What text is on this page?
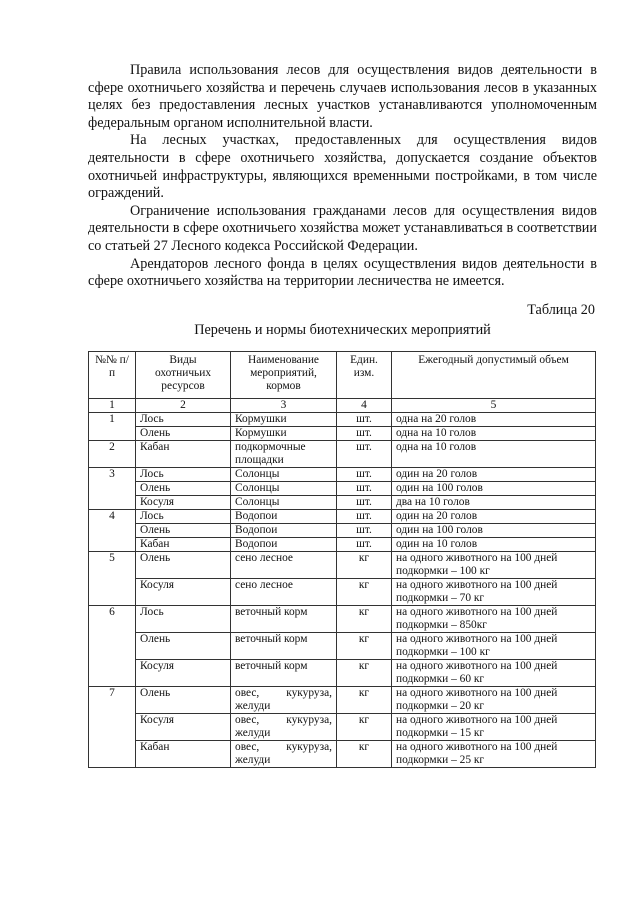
Правила использования лесов для осуществления видов деятельности в сфере охотничьего хозяйства и перечень случаев использования лесов в указанных целях без предоставления лесных участков устанавливаются уполномоченным федеральным органом исполнительной власти.

На лесных участках, предоставленных для осуществления видов деятельности в сфере охотничьего хозяйства, допускается создание объектов охотничьей инфраструктуры, являющихся временными постройками, в том числе ограждений.

Ограничение использования гражданами лесов для осуществления видов деятельности в сфере охотничьего хозяйства может устанавливаться в соответствии со статьей 27 Лесного кодекса Российской Федерации.

Арендаторов лесного фонда в целях осуществления видов деятельности в сфере охотничьего хозяйства на территории лесничества не имеется.

Таблица 20
Перечень и нормы биотехнических мероприятий
№№ п/п	Виды охотничьих ресурсов	Наименование мероприятий, кормов	Един. изм.	Ежегодный допустимый объем
1	2	3	4	5
1	Лось	Кормушки	шт.	одна на 20 голов
	Олень	Кормушки	шт.	одна на 10 голов
2	Кабан	подкормочные площадки	шт.	одна на 10 голов
3	Лось	Солонцы	шт.	один на 20 голов
	Олень	Солонцы	шт.	один на 100 голов
	Косуля	Солонцы	шт.	два на 10 голов
4	Лось	Водопои	шт.	один на 20 голов
	Олень	Водопои	шт.	один на 100 голов
	Кабан	Водопои	шт.	один на 10 голов
5	Олень	сено лесное	кг	на одного животного на 100 дней подкормки – 100 кг
	Косуля	сено лесное	кг	на одного животного на 100 дней подкормки – 70 кг
6	Лось	веточный корм	кг	на одного животного на 100 дней подкормки – 850кг
	Олень	веточный корм	кг	на одного животного на 100 дней подкормки – 100 кг
	Косуля	веточный корм	кг	на одного животного на 100 дней подкормки – 60 кг
7	Олень	овес, кукуруза, желуди	кг	на одного животного на 100 дней подкормки – 20 кг
	Косуля	овес, кукуруза, желуди	кг	на одного животного на 100 дней подкормки – 15 кг
	Кабан	овес, кукуруза, желуди	кг	на одного животного на 100 дней подкормки – 25 кг
